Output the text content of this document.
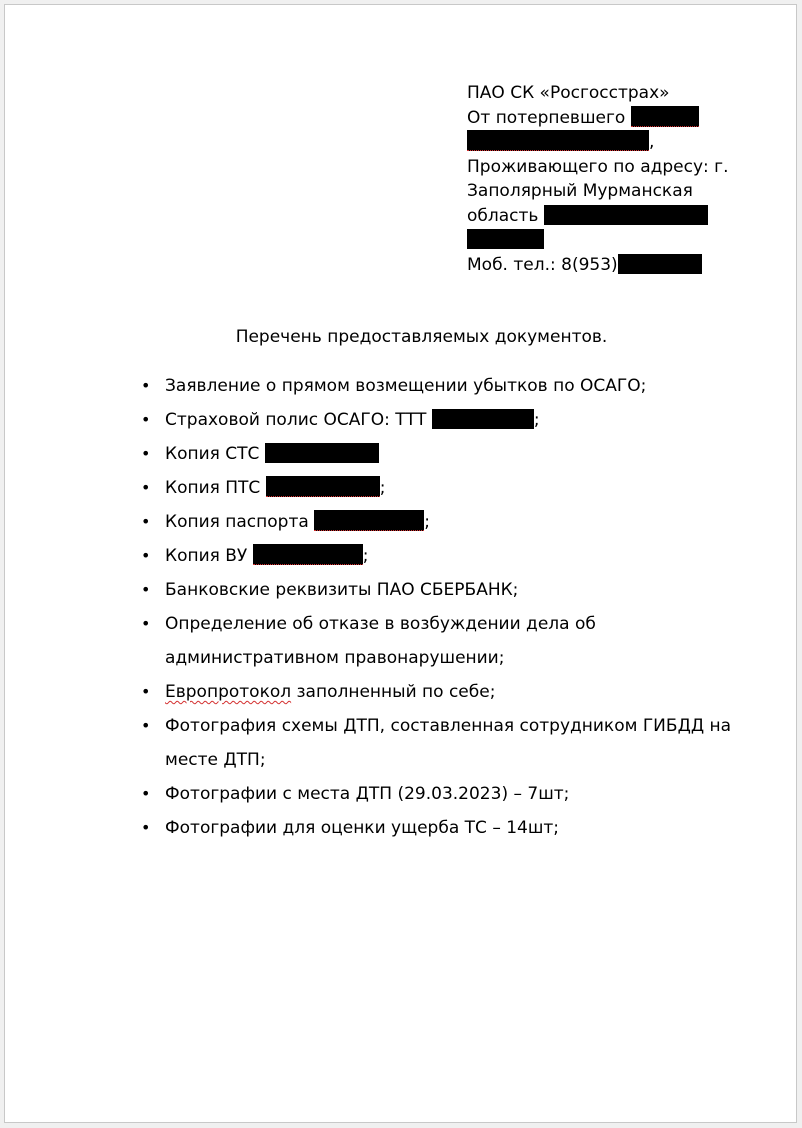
ПАО СК «Росгосстрах»
От потерпевшего
,
Проживающего по адресу: г.
Заполярный Мурманская
область
Моб. тел.: 8(953)
Перечень предоставляемых документов.
• Заявление о прямом возмещении убытков по ОСАГО;
• Страховой полис ОСАГО: ТТТ	;
• Копия СТС
• Копия ПТС	;
• Копия паспорта	;
• Копия ВУ	;
• Банковские реквизиты ПАО СБЕРБАНК;
• Определение об отказе в возбуждении дела об
административном правонарушении;
• Европротокол заполненный по себе;
• Фотография схемы ДТП, составленная сотрудником ГИБДД на
месте ДТП;
• Фотографии с места ДТП (29.03.2023) – 7шт;
• Фотографии для оценки ущерба ТС – 14шт;
